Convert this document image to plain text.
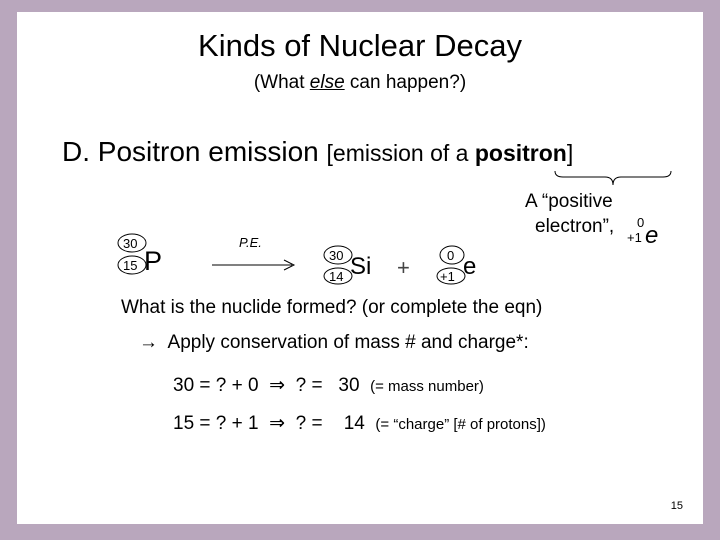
Kinds of Nuclear Decay
(What else can happen?)
D. Positron emission [emission of a positron]
A “positive
electron”, 0
+1 e
30
15 P
P.E.
30
14 Si +	0
+1 e
What is the nuclide formed? (or complete the eqn)
→ Apply conservation of mass # and charge*:
30 = ? + 0 ⇒ ? = 30 (= mass number)
15 = ? + 1 ⇒ ? = 14 (= “charge” [# of protons])
15
